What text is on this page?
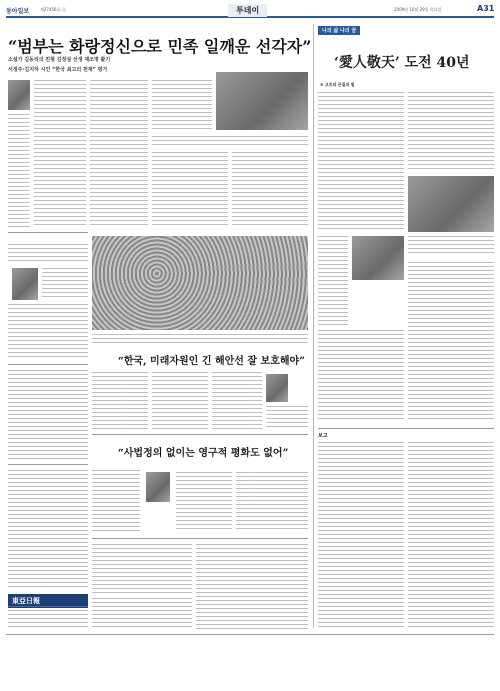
동아일보	제27456호 ⓐ	투데이	2009년 10월 29일 목요일	A31
“범부는 화랑정신으로 민족 일깨운 선각자”
소설가 김동리의 친형 김정설 선생 재조명 활기
서정주·김지하 시인 “한국 최고의 천재” 평가
“한국, 미래자원인 긴 해안선 잘 보호해야”
“사법정의 없이는 영구적 평화도 없어”
東亞日報
나의 삶 나의 꿈
‘愛人敬天’ 도전 40년
⑥ 고흐의 끈질의 힘
보고
